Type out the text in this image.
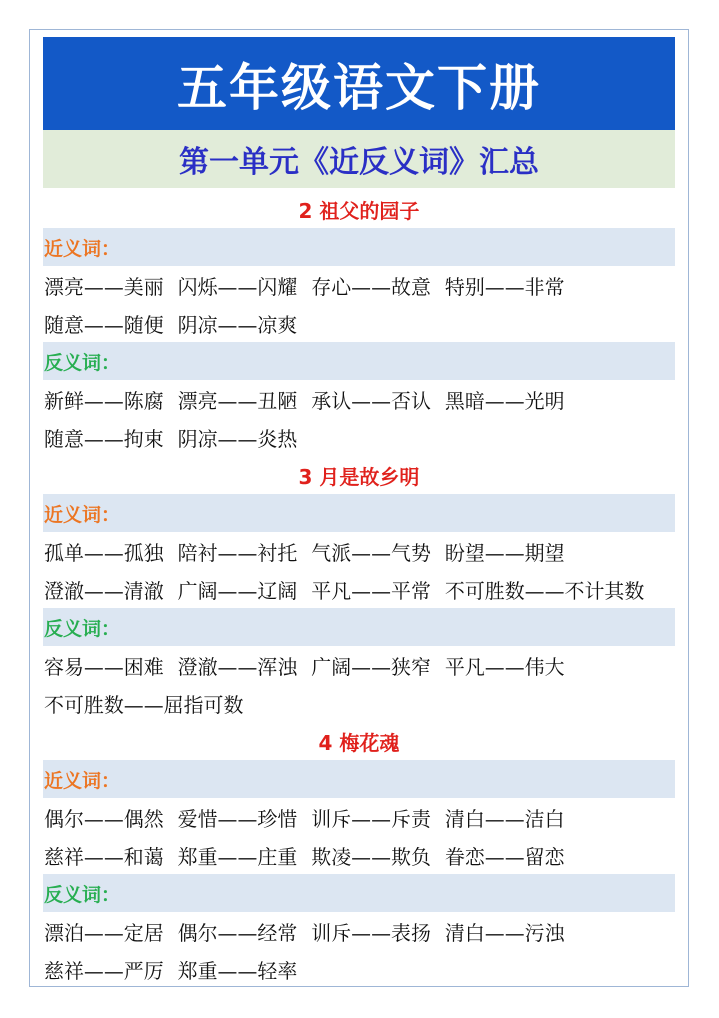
五年级语文下册
第一单元《近反义词》汇总
2 祖父的园子
近义词：
漂亮——美丽 闪烁——闪耀 存心——故意 特别——非常
随意——随便 阴凉——凉爽
反义词：
新鲜——陈腐 漂亮——丑陋 承认——否认 黑暗——光明
随意——拘束 阴凉——炎热
3 月是故乡明
近义词：
孤单——孤独 陪衬——衬托 气派——气势 盼望——期望
澄澈——清澈 广阔——辽阔 平凡——平常 不可胜数——不计其数
反义词：
容易——困难 澄澈——浑浊 广阔——狭窄 平凡——伟大
不可胜数——屈指可数
4 梅花魂
近义词：
偶尔——偶然 爱惜——珍惜 训斥——斥责 清白——洁白
慈祥——和蔼 郑重——庄重 欺凌——欺负 眷恋——留恋
反义词：
漂泊——定居 偶尔——经常 训斥——表扬 清白——污浊
慈祥——严厉 郑重——轻率
